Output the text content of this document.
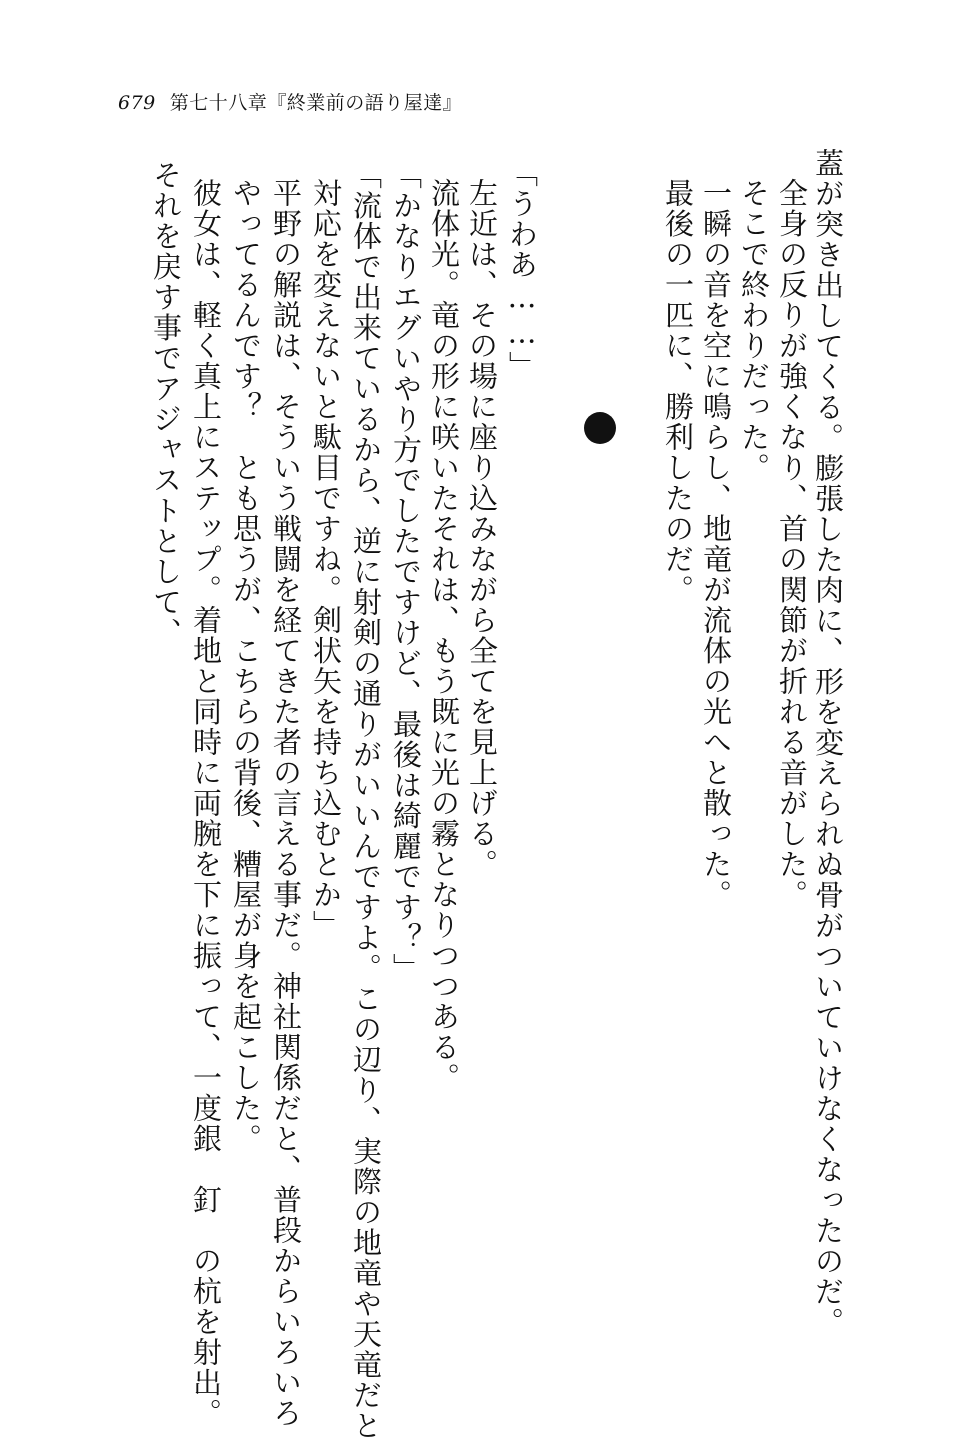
679 第七十八章『終業前の語り屋達』
蓋が突き出してくる。膨張した肉に、形を変えられぬ骨がついていけなくなったのだ。
全身の反りが強くなり、首の関節が折れる音がした。
そこで終わりだった。
一瞬の音を空に鳴らし、地竜が流体の光へと散った。
最後の一匹に、勝利したのだ。
「うわあ……」
左近は、その場に座り込みながら全てを見上げる。
流体光。竜の形に咲いたそれは、もう既に光の霧となりつつある。
「かなりエグいやり方でしたですけど、最後は綺麗です？」
「流体で出来ているから、逆に射剣の通りがいいんですよ。この辺り、実際の地竜や天竜だと
対応を変えないと駄目ですね。剣状矢を持ち込むとか」
平野の解説は、そういう戦闘を経てきた者の言える事だ。神社関係だと、普段からいろいろ
やってるんです？　とも思うが、こちらの背後、糟屋が身を起こした。
彼女は、軽く真上にステップ。着地と同時に両腕を下に振って、一度銀　釘　の杭を射出。
それを戻す事でアジャストとして、
